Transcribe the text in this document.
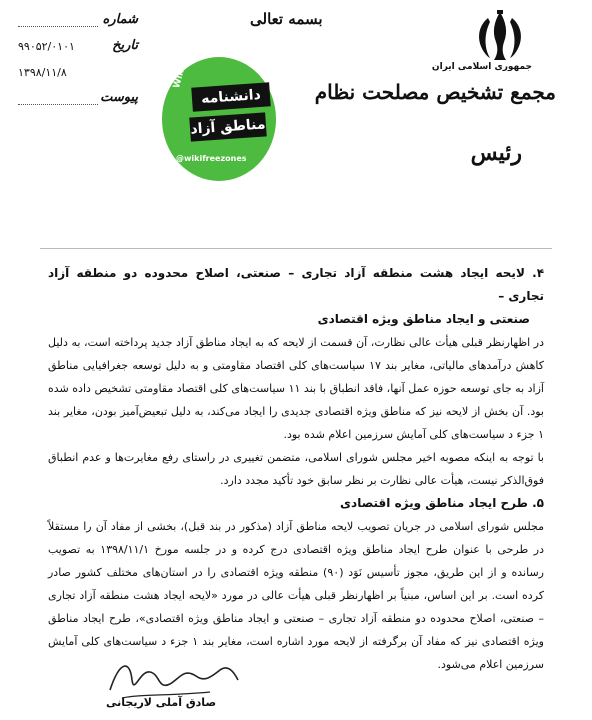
شماره
۹۹۰۵۲/۰۱۰۱	تاریخ
۱۳۹۸/۱۱/۸
پیوست
بسمه تعالی
جمهوری اسلامی ایران
مجمع تشخیص مصلحت نظام
رئیس
Wiki Freezones
دانشنامه
مناطق آزاد
@wikifreezones

۴. لایحه ایجاد هشت منطقه آزاد تجاری – صنعتی، اصلاح محدوده دو منطقه آزاد تجاری –

صنعتی و ایجاد مناطق ویژه اقتصادی

در اظهارنظر قبلی هیأت عالی نظارت، آن قسمت از لایحه که به ایجاد مناطق آزاد جدید پرداخته است، به دلیل کاهش درآمدهای مالیاتی، مغایر بند ۱۷ سیاست‌های کلی اقتصاد مقاومتی و به دلیل توسعه جغرافیایی مناطق آزاد به جای توسعه حوزه عمل آنها، فاقد انطباق با بند ۱۱ سیاست‌های کلی اقتصاد مقاومتی تشخیص داده شده بود. آن بخش از لایحه نیز که مناطق ویژه اقتصادی جدیدی را ایجاد می‌کند، به دلیل تبعیض‌آمیز بودن، مغایر بند ۱ جزء د سیاست‌های کلی آمایش سرزمین اعلام شده بود.

با توجه به اینکه مصوبه اخیر مجلس شورای اسلامی، متضمن تغییری در راستای رفع مغایرت‌ها و عدم انطباق فوق‌الذکر نیست، هیأت عالی نظارت بر نظر سابق خود تأکید مجدد دارد.

۵. طرح ایجاد مناطق ویژه اقتصادی

مجلس شورای اسلامی در جریان تصویب لایحه مناطق آزاد (مذکور در بند قبل)، بخشی از مفاد آن را مستقلاً در طرحی با عنوان طرح ایجاد مناطق ویژه اقتصادی درج کرده و در جلسه مورخ ۱۳۹۸/۱۱/۱ به تصویب رسانده و از این طریق، مجوز تأسیس نَوَد (۹۰) منطقه ویژه اقتصادی را در استان‌های مختلف کشور صادر کرده است. بر این اساس، مبنیاً بر اظهارنظر قبلی هیأت عالی در مورد «لایحه ایجاد هشت منطقه آزاد تجاری – صنعتی، اصلاح محدوده دو منطقه آزاد تجاری – صنعتی و ایجاد مناطق ویژه اقتصادی»، طرح ایجاد مناطق ویژه اقتصادی نیز که مفاد آن برگرفته از لایحه مورد اشاره است، مغایر بند ۱ جزء د سیاست‌های کلی آمایش سرزمین اعلام می‌شود.

صادق آملی لاریجانی
